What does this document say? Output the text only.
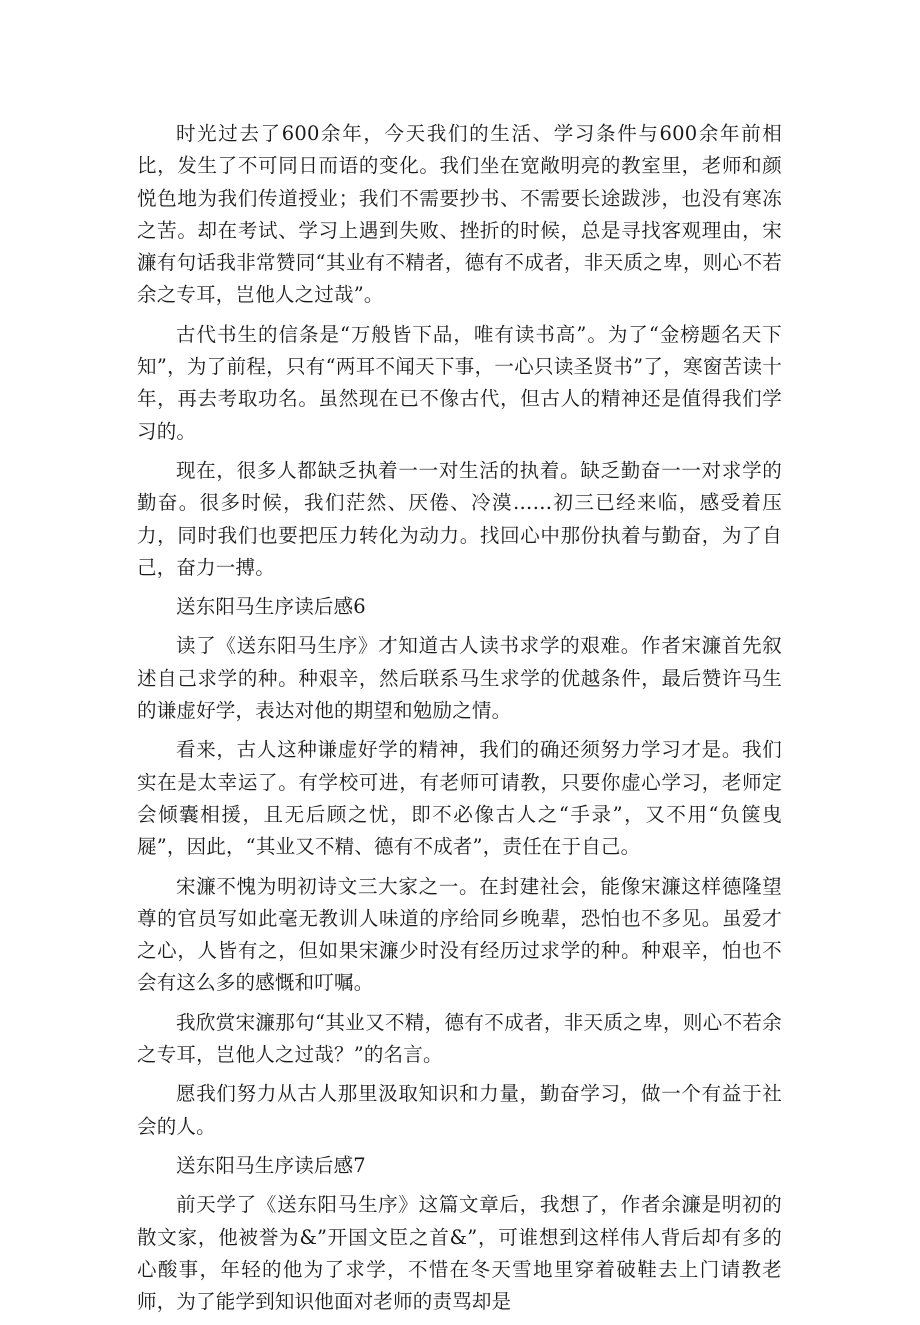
时光过去了600余年，今天我们的生活、学习条件与600余年前相比，发生了不可同日而语的变化。我们坐在宽敞明亮的教室里，老师和颜悦色地为我们传道授业；我们不需要抄书、不需要长途跋涉，也没有寒冻之苦。却在考试、学习上遇到失败、挫折的时候，总是寻找客观理由，宋濂有句话我非常赞同“其业有不精者，德有不成者，非天质之卑，则心不若余之专耳，岂他人之过哉”。

古代书生的信条是“万般皆下品，唯有读书高”。为了“金榜题名天下知”，为了前程，只有“两耳不闻天下事，一心只读圣贤书”了，寒窗苦读十年，再去考取功名。虽然现在已不像古代，但古人的精神还是值得我们学习的。

现在，很多人都缺乏执着一一对生活的执着。缺乏勤奋一一对求学的勤奋。很多时候，我们茫然、厌倦、冷漠……初三已经来临，感受着压力，同时我们也要把压力转化为动力。找回心中那份执着与勤奋，为了自己，奋力一搏。

送东阳马生序读后感6

读了《送东阳马生序》才知道古人读书求学的艰难。作者宋濂首先叙述自己求学的种。种艰辛，然后联系马生求学的优越条件，最后赞许马生的谦虚好学，表达对他的期望和勉励之情。

看来，古人这种谦虚好学的精神，我们的确还须努力学习才是。我们实在是太幸运了。有学校可进，有老师可请教，只要你虚心学习，老师定会倾囊相援，且无后顾之忧，即不必像古人之“手录”，又不用“负箧曳屣”，因此，“其业又不精、德有不成者”，责任在于自己。

宋濂不愧为明初诗文三大家之一。在封建社会，能像宋濂这样德隆望尊的官员写如此毫无教训人味道的序给同乡晚辈，恐怕也不多见。虽爱才之心，人皆有之，但如果宋濂少时没有经历过求学的种。种艰辛，怕也不会有这么多的感慨和叮嘱。

我欣赏宋濂那句“其业又不精，德有不成者，非天质之卑，则心不若余之专耳，岂他人之过哉？”的名言。

愿我们努力从古人那里汲取知识和力量，勤奋学习，做一个有益于社会的人。

送东阳马生序读后感7

前天学了《送东阳马生序》这篇文章后，我想了，作者余濂是明初的散文家，他被誉为&”开国文臣之首&”，可谁想到这样伟人背后却有多的心酸事，年轻的他为了求学，不惜在冬天雪地里穿着破鞋去上门请教老师，为了能学到知识他面对老师的责骂却是
